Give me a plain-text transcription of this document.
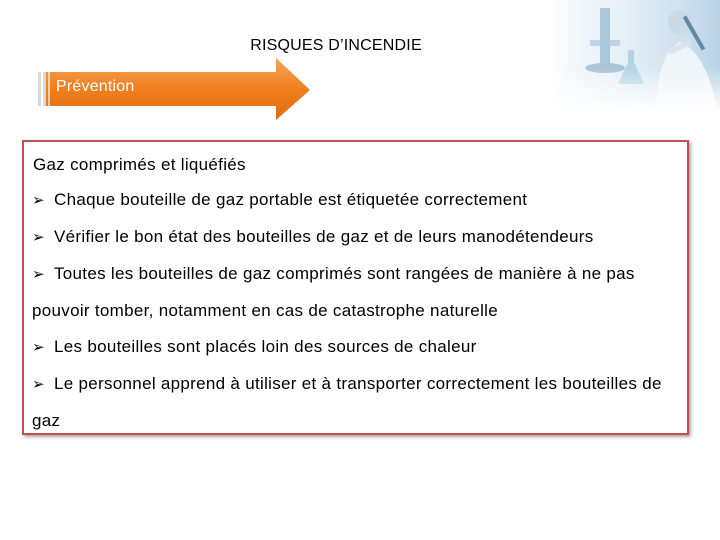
RISQUES D’INCENDIE
Prévention
Gaz comprimés et liquéfiés
➢ Chaque bouteille de gaz portable est étiquetée correctement
➢ Vérifier le bon état des bouteilles de gaz et de leurs manodétendeurs
➢ Toutes les bouteilles de gaz comprimés sont rangées de manière à ne pas pouvoir tomber, notamment en cas de catastrophe naturelle
➢ Les bouteilles sont placés loin des sources de chaleur
➢ Le personnel apprend à utiliser et à transporter correctement les bouteilles de gaz
